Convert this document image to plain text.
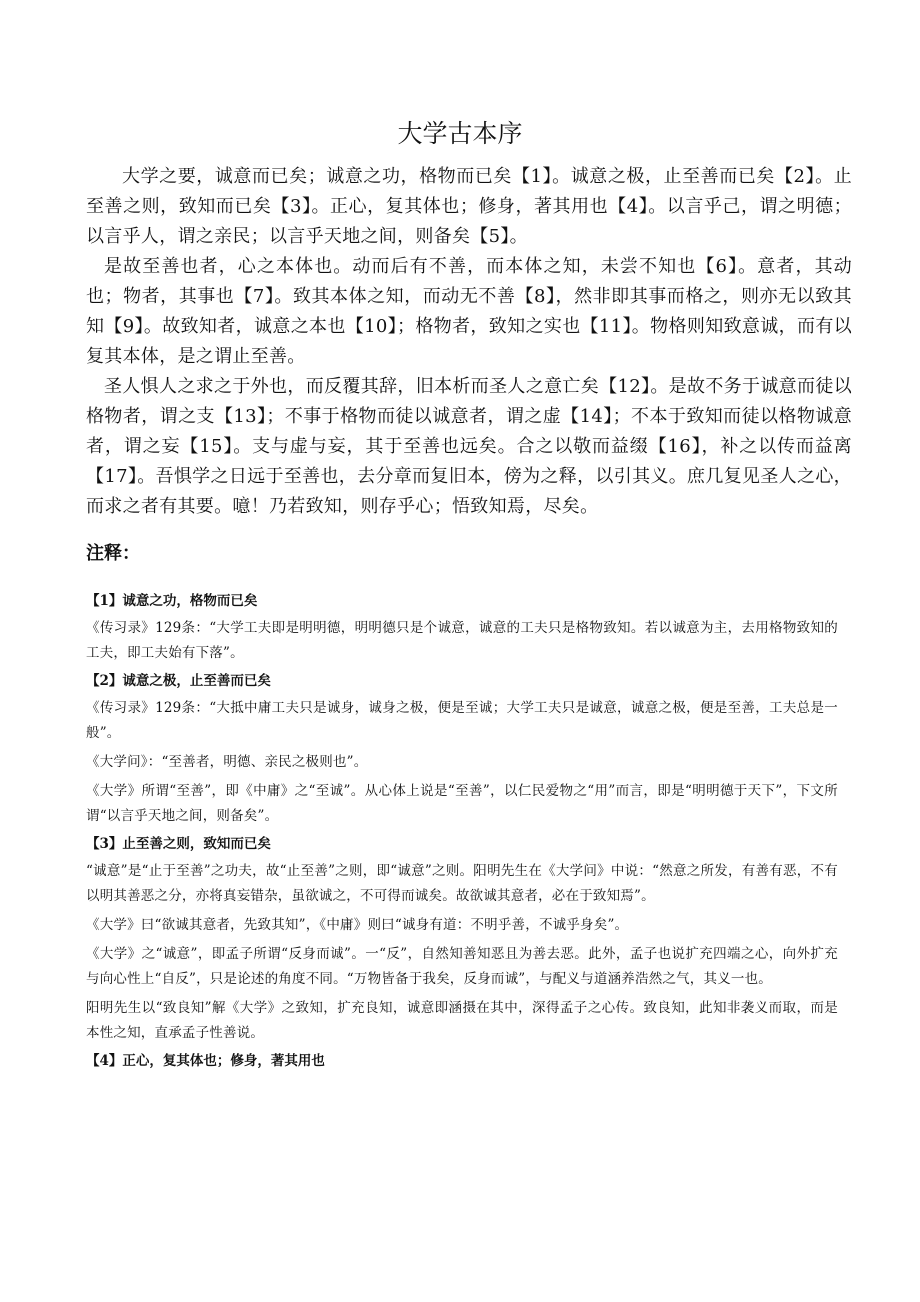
大学古本序

大学之要，诚意而已矣；诚意之功，格物而已矣【1】。诚意之极，止至善而已矣【2】。止至善之则，致知而已矣【3】。正心，复其体也；修身，著其用也【4】。以言乎己，谓之明德；以言乎人，谓之亲民；以言乎天地之间，则备矣【5】。

是故至善也者，心之本体也。动而后有不善，而本体之知，未尝不知也【6】。意者，其动也；物者，其事也【7】。致其本体之知，而动无不善【8】，然非即其事而格之，则亦无以致其知【9】。故致知者，诚意之本也【10】；格物者，致知之实也【11】。物格则知致意诚，而有以复其本体，是之谓止至善。

圣人惧人之求之于外也，而反覆其辞，旧本析而圣人之意亡矣【12】。是故不务于诚意而徒以格物者，谓之支【13】；不事于格物而徒以诚意者，谓之虚【14】；不本于致知而徒以格物诚意者，谓之妄【15】。支与虚与妄，其于至善也远矣。合之以敬而益缀【16】，补之以传而益离【17】。吾惧学之日远于至善也，去分章而复旧本，傍为之释，以引其义。庶几复见圣人之心，而求之者有其要。噫！乃若致知，则存乎心；悟致知焉，尽矣。

注释：

【1】诚意之功，格物而已矣

《传习录》129条：“大学工夫即是明明德，明明德只是个诚意，诚意的工夫只是格物致知。若以诚意为主，去用格物致知的工夫，即工夫始有下落”。

【2】诚意之极，止至善而已矣

《传习录》129条：“大抵中庸工夫只是诚身，诚身之极，便是至诚；大学工夫只是诚意，诚意之极，便是至善，工夫总是一般”。

《大学问》：“至善者，明德、亲民之极则也”。

《大学》所谓“至善”，即《中庸》之“至诚”。从心体上说是“至善”，以仁民爱物之“用”而言，即是“明明德于天下”，下文所谓“以言乎天地之间，则备矣”。

【3】止至善之则，致知而已矣

“诚意”是“止于至善”之功夫，故“止至善”之则，即“诚意”之则。阳明先生在《大学问》中说：“然意之所发，有善有恶，不有以明其善恶之分，亦将真妄错杂，虽欲诚之，不可得而诚矣。故欲诚其意者，必在于致知焉”。

《大学》曰“欲诚其意者，先致其知”，《中庸》则曰“诚身有道：不明乎善，不诚乎身矣”。

《大学》之“诚意”，即孟子所谓“反身而诚”。一“反”，自然知善知恶且为善去恶。此外，孟子也说扩充四端之心，向外扩充与向心性上“自反”，只是论述的角度不同。“万物皆备于我矣，反身而诚”，与配义与道涵养浩然之气，其义一也。

阳明先生以“致良知”解《大学》之致知，扩充良知，诚意即涵摄在其中，深得孟子之心传。致良知，此知非袭义而取，而是本性之知，直承孟子性善说。

【4】正心，复其体也；修身，著其用也
